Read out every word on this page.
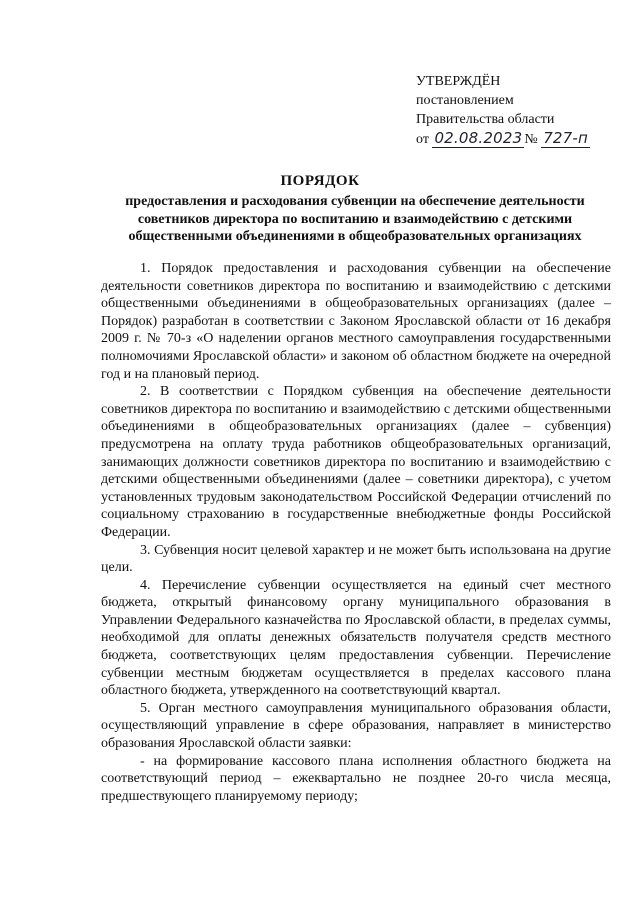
УТВЕРЖДЁН
постановлением
Правительства области
от 02.08.2023 № 727-п
ПОРЯДОК
предоставления и расходования субвенции на обеспечение деятельности советников директора по воспитанию и взаимодействию с детскими общественными объединениями в общеобразовательных организациях

1. Порядок предоставления и расходования субвенции на обеспечение деятельности советников директора по воспитанию и взаимодействию с детскими общественными объединениями в общеобразовательных организациях (далее – Порядок) разработан в соответствии с Законом Ярославской области от 16 декабря 2009 г. № 70-з «О наделении органов местного самоуправления государственными полномочиями Ярославской области» и законом об областном бюджете на очередной год и на плановый период.

2. В соответствии с Порядком субвенция на обеспечение деятельности советников директора по воспитанию и взаимодействию с детскими общественными объединениями в общеобразовательных организациях (далее – субвенция) предусмотрена на оплату труда работников общеобразовательных организаций, занимающих должности советников директора по воспитанию и взаимодействию с детскими общественными объединениями (далее – советники директора), с учетом установленных трудовым законодательством Российской Федерации отчислений по социальному страхованию в государственные внебюджетные фонды Российской Федерации.

3. Субвенция носит целевой характер и не может быть использована на другие цели.

4. Перечисление субвенции осуществляется на единый счет местного бюджета, открытый финансовому органу муниципального образования в Управлении Федерального казначейства по Ярославской области, в пределах суммы, необходимой для оплаты денежных обязательств получателя средств местного бюджета, соответствующих целям предоставления субвенции. Перечисление субвенции местным бюджетам осуществляется в пределах кассового плана областного бюджета, утвержденного на соответствующий квартал.

5. Орган местного самоуправления муниципального образования области, осуществляющий управление в сфере образования, направляет в министерство образования Ярославской области заявки:

- на формирование кассового плана исполнения областного бюджета на соответствующий период – ежеквартально не позднее 20-го числа месяца, предшествующего планируемому периоду;
